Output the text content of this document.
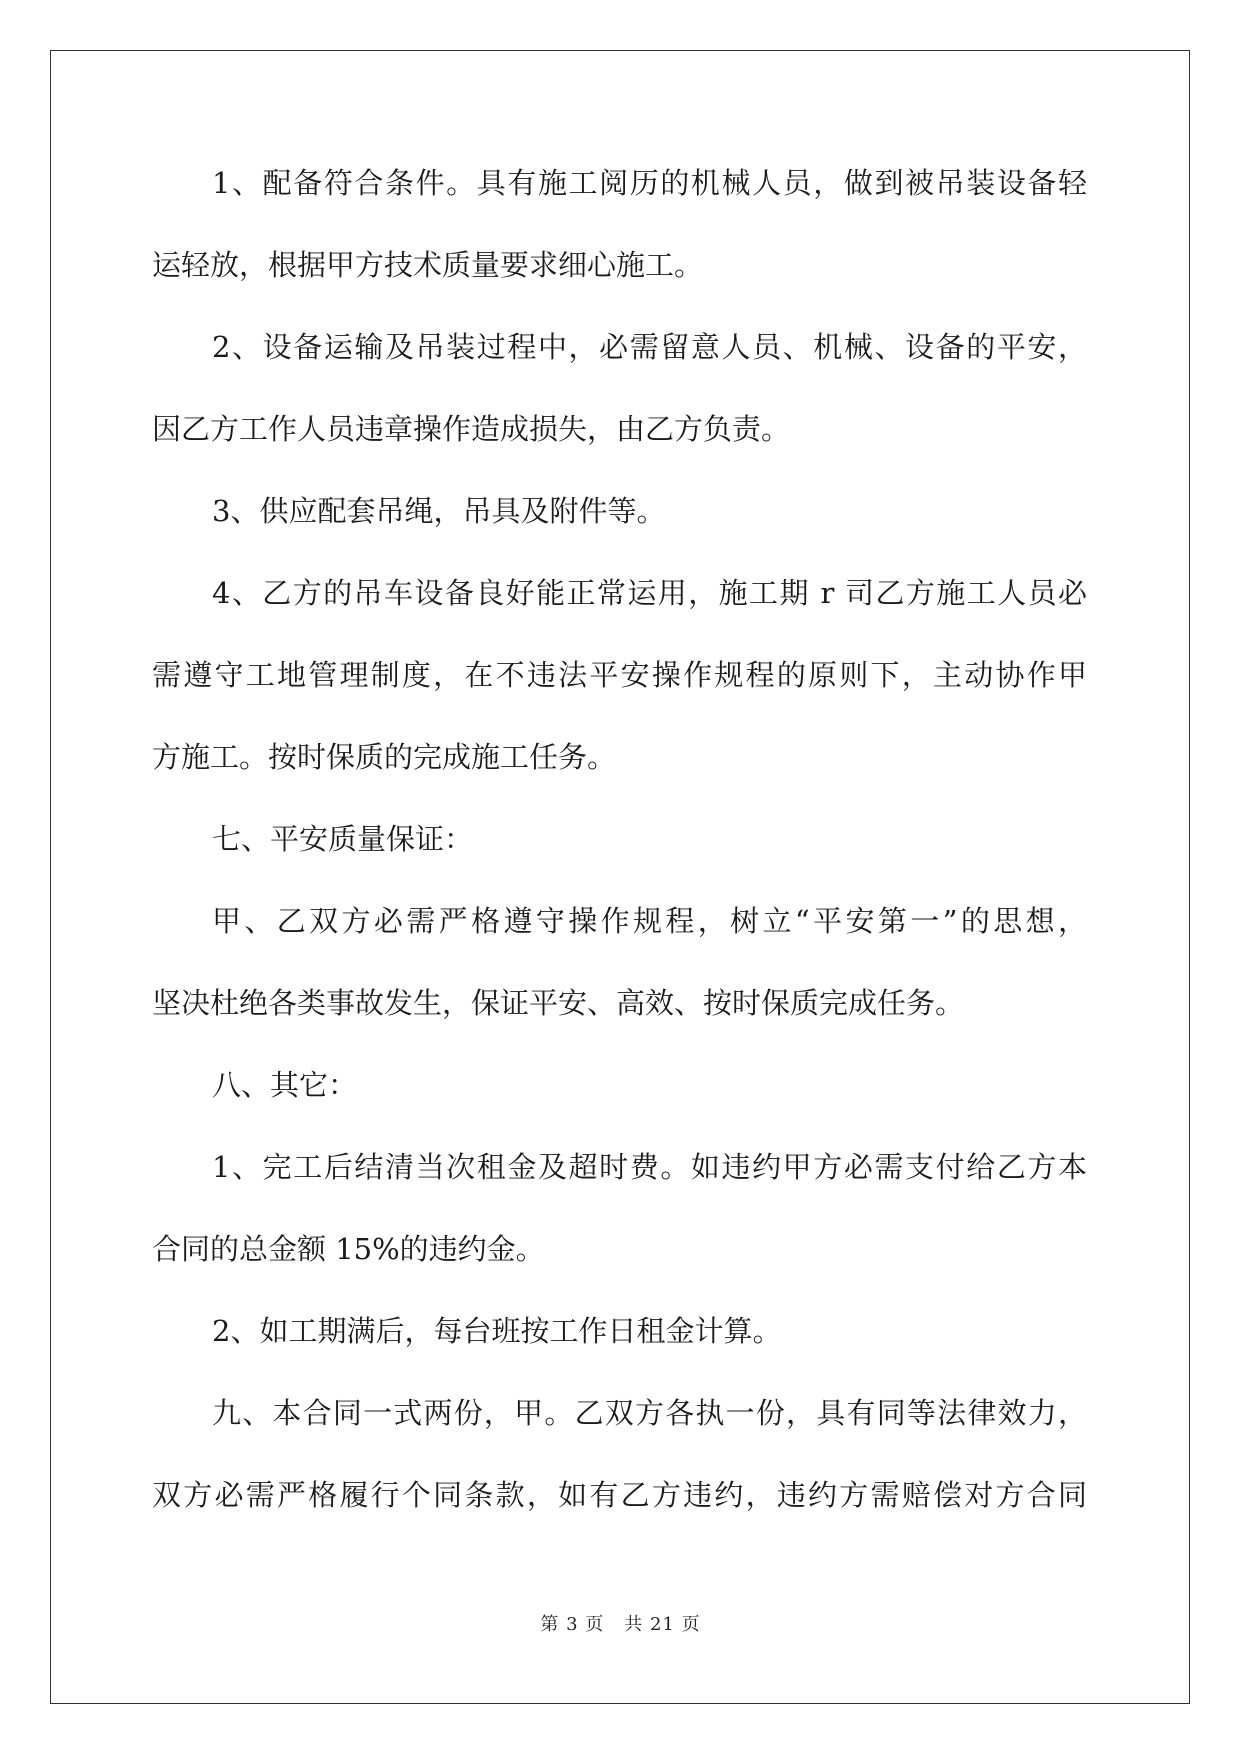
1、配备符合条件。具有施工阅历的机械人员，做到被吊装设备轻
运轻放，根据甲方技术质量要求细心施工。
2、设备运输及吊装过程中，必需留意人员、机械、设备的平安，
因乙方工作人员违章操作造成损失，由乙方负责。
3、供应配套吊绳，吊具及附件等。
4、乙方的吊车设备良好能正常运用，施工期 r 司乙方施工人员必
需遵守工地管理制度，在不违法平安操作规程的原则下，主动协作甲
方施工。按时保质的完成施工任务。
七、平安质量保证：
甲、乙双方必需严格遵守操作规程，树立“平安第一”的思想，
坚决杜绝各类事故发生，保证平安、高效、按时保质完成任务。
八、其它：
1、完工后结清当次租金及超时费。如违约甲方必需支付给乙方本
合同的总金额 15%的违约金。
2、如工期满后，每台班按工作日租金计算。
九、本合同一式两份，甲。乙双方各执一份，具有同等法律效力，
双方必需严格履行个同条款，如有乙方违约，违约方需赔偿对方合同
第 3 页 共 21 页
